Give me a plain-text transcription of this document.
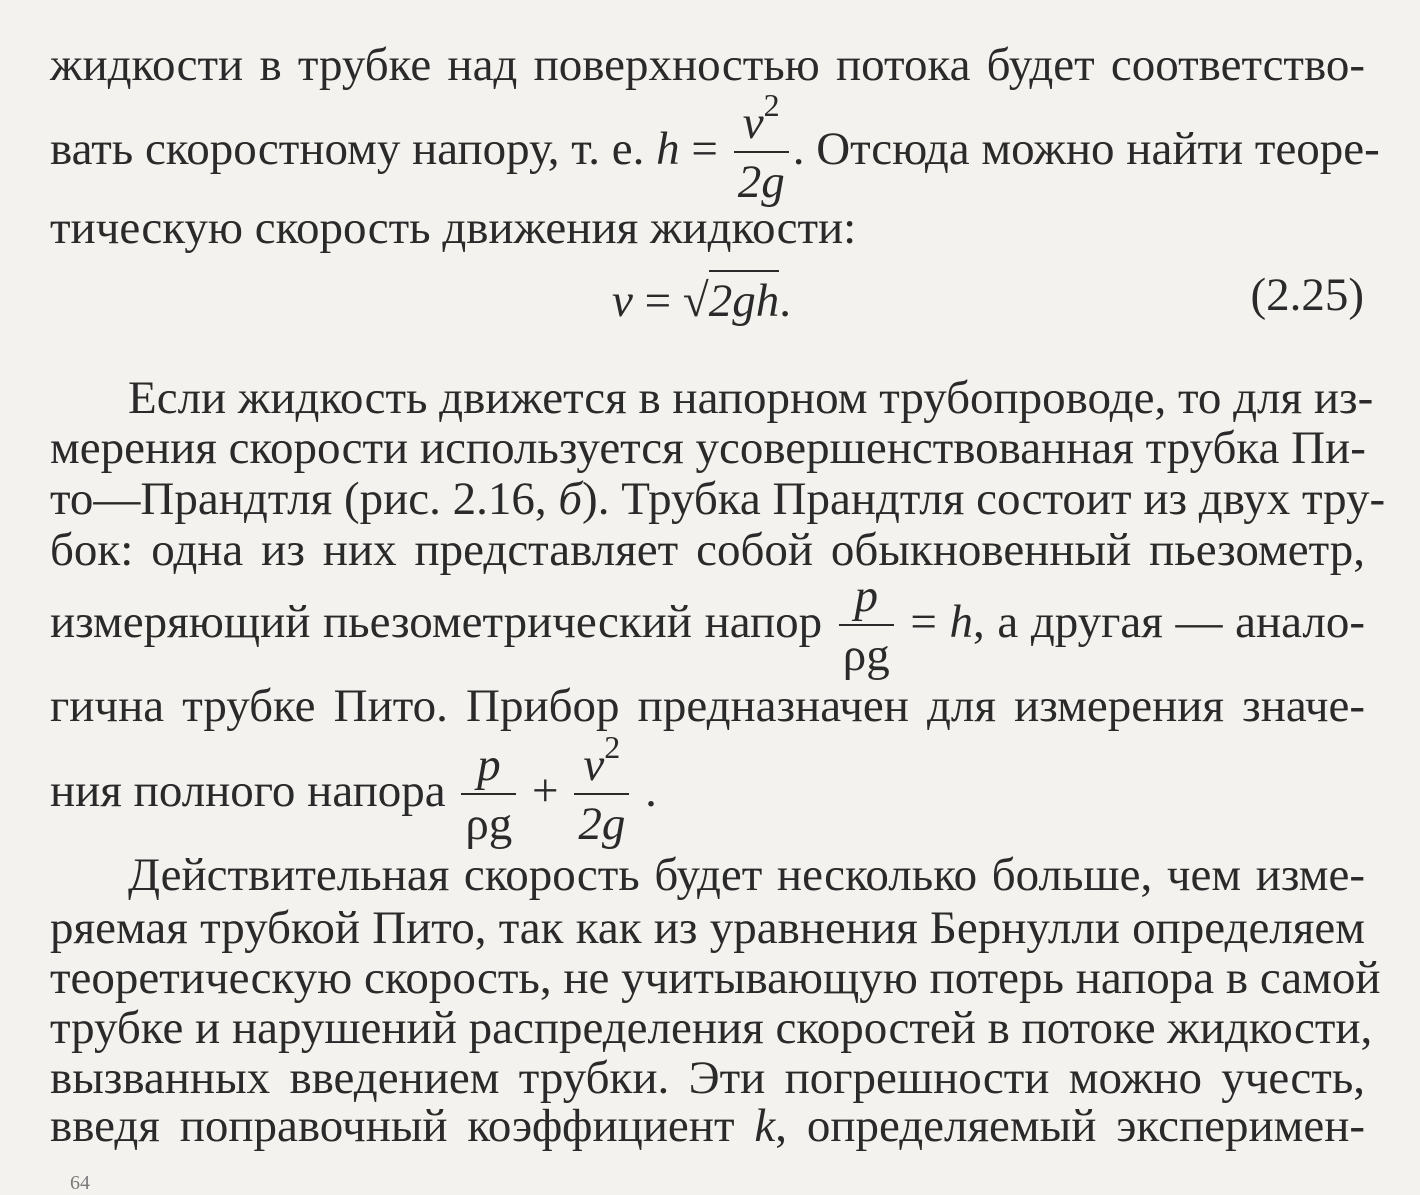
жидкости в трубке над поверхностью потока будет соответство-
вать скоростному напору, т. е. $h = \frac{v^2}{2g}$ . Отсюда можно найти теоре-
тическую скорость движения жидкости:
v = √2gh.	(2.25)
Если жидкость движется в напорном трубопроводе, то для из-
мерения скорости используется усовершенствованная трубка Пи-
то—Прандтля (рис. 2.16, б). Трубка Прандтля состоит из двух тру-
бок: одна из них представляет собой обыкновенный пьезометр,
измеряющий пьезометрический напор $\frac{p}{\rho g} = h$, а другая — анало-
гична трубке Пито. Прибор предназначен для измерения значе-
ния полного напора $\frac{p}{\rho g} + \frac{v^2}{2g}$ .
Действительная скорость будет несколько больше, чем изме-
ряемая трубкой Пито, так как из уравнения Бернулли определяем
теоретическую скорость, не учитывающую потерь напора в самой
трубке и нарушений распределения скоростей в потоке жидкости,
вызванных введением трубки. Эти погрешности можно учесть,
введя поправочный коэффициент k, определяемый эксперимен-
64
